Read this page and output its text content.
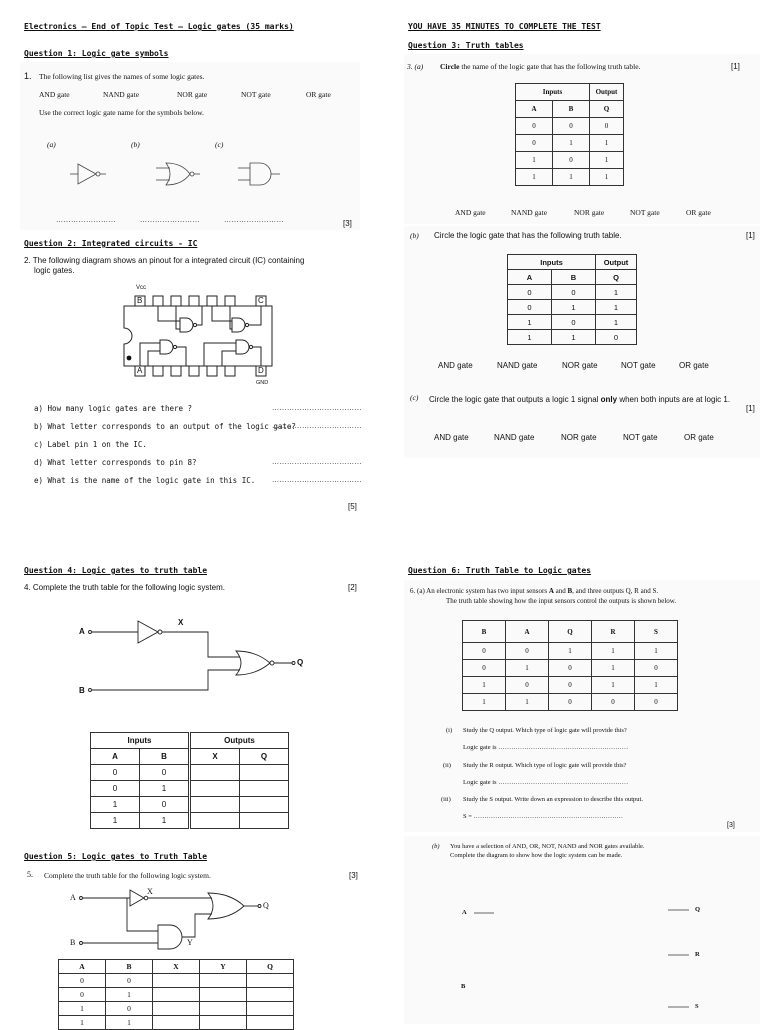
Electronics – End of Topic Test – Logic gates (35 marks)	YOU HAVE 35 MINUTES TO COMPLETE THE TEST
Question 1: Logic gate symbols
1. The following list gives the names of some logic gates.
AND gate	NAND gate	NOR gate	NOT gate	OR gate
Use the correct logic gate name for the symbols below.
(a)	(b)	(c)
……………………	……………………	……………………	[3]
Question 2: Integrated circuits - IC
2. The following diagram shows an pinout for a integrated circuit (IC) containing
logic gates.
Vcc
B	C
A	D
GND
a) How many logic gates are there ?	………………………………
b) What letter corresponds to an output of the logic gate?
………………………………
c) Label pin 1 on the IC.
d) What letter corresponds to pin 8?	………………………………
e) What is the name of the logic gate in this IC. ………………………………
[5]
Question 3: Truth tables
3. (a) Circle the name of the logic gate that has the following truth table.	[1]
Inputs		Output
A	B	Q
0	0	0
0	1	1
1	0	1
1	1	1
AND gate	NAND gate	NOR gate	NOT gate	OR gate
(b) Circle the logic gate that has the following truth table.	[1]
Inputs		Output
A	B	Q
0	0	1
0	1	1
1	0	1
1	1	0
AND gate	NAND gate	NOR gate	NOT gate	OR gate
(c) Circle the logic gate that outputs a logic 1 signal only when both inputs are at logic 1.
[1]
AND gate	NAND gate	NOR gate	NOT gate	OR gate
Question 4: Logic gates to truth table
4. Complete the truth table for the following logic system.	[2]
A
B
X
Q
Inputs		Outputs	
A	B	X	Q
0	0		
0	1		
1	0		
1	1		
Question 5: Logic gates to Truth Table
5. Complete the truth table for the following logic system.	[3]
A
B
X
Y
Q
A	B	X	Y	Q
0	0			
0	1			
1	0			
1	1			
Question 6: Truth Table to Logic gates
6. (a) An electronic system has two input sensors A and B, and three outputs Q, R and S.
The truth table showing how the input sensors control the outputs is shown below.
B	A	Q	R	S
0	0	1	1	1
0	1	0	1	0
1	0	0	1	1
1	1	0	0	0
(i) Study the Q output. Which type of logic gate will provide this?
Logic gate is ……………………………………………………
(ii) Study the R output. Which type of logic gate will provide this?
Logic gate is ……………………………………………………
(iii) Study the S output. Write down an expression to describe this output.
S = ……………………………………………………………
[3]
(b) You have a selection of AND, OR, NOT, NAND and NOR gates available.
Complete the diagram to show how the logic system can be made.
A
B
Q
R
S
